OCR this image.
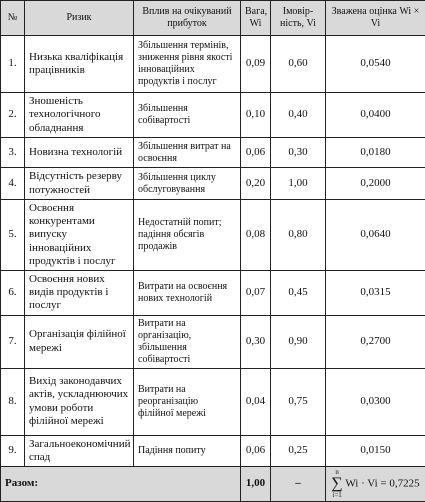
№	Ризик	Вплив на очікуваний прибуток	Вага, Wi	Імовір-ність, Vi	Зважена оцінка Wi × Vi
1.	Низька кваліфікація працівників	Збільшення термінів, зниження рівня якості інноваційних продуктів і послуг	0,09	0,60	0,0540
2.	Зношеність технологічного обладнання	Збільшення собівартості	0,10	0,40	0,0400
3.	Новизна технологій	Збільшення витрат на освоєння	0,06	0,30	0,0180
4.	Відсутність резерву потужностей	Збільшення циклу обслуговування	0,20	1,00	0,2000
5.	Освоєння конкурентами випуску інноваційних продуктів і послуг	Недостатній попит; падіння обсягів продажів	0,08	0,80	0,0640
6.	Освоєння нових видів продуктів і послуг	Витрати на освоєння нових технологій	0,07	0,45	0,0315
7.	Організація філійної мережі	Витрати на організацію, збільшення собівартості	0,30	0,90	0,2700
8.	Вихід законодавчих актів, ускладнюючих умови роботи філійної мережі	Витрати на реорганізацію філійної мережі	0,04	0,75	0,0300
9.	Загальноекономічний спад	Падіння попиту	0,06	0,25	0,0150
Разом:			1,00	–	n
∑
i=1
Wi · Vi = 0,7225
